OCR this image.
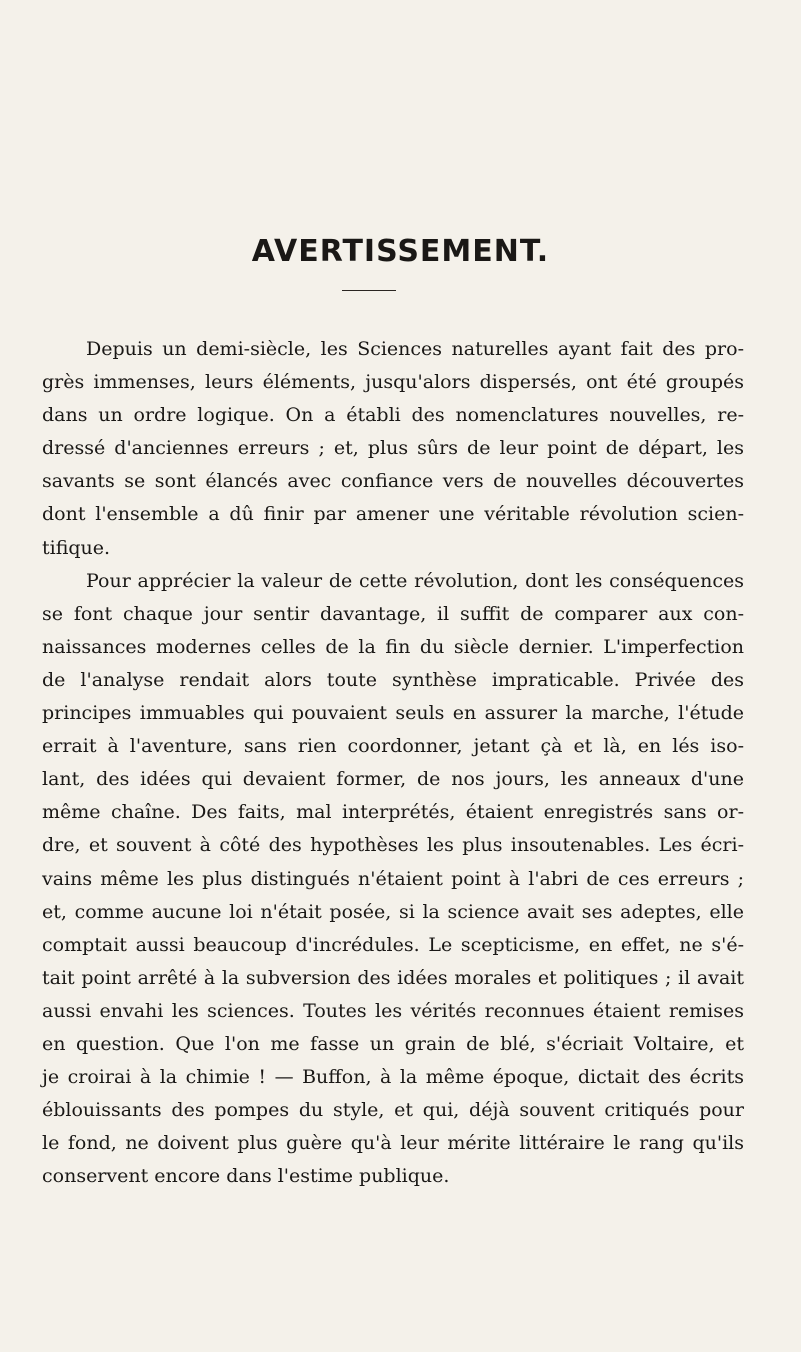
AVERTISSEMENT.
Depuis un demi-siècle, les Sciences naturelles ayant fait des pro-
grès immenses, leurs éléments, jusqu'alors dispersés, ont été groupés
dans un ordre logique. On a établi des nomenclatures nouvelles, re-
dressé d'anciennes erreurs ; et, plus sûrs de leur point de départ, les
savants se sont élancés avec confiance vers de nouvelles découvertes
dont l'ensemble a dû finir par amener une véritable révolution scien-
tifique.
Pour apprécier la valeur de cette révolution, dont les conséquences
se font chaque jour sentir davantage, il suffit de comparer aux con-
naissances modernes celles de la fin du siècle dernier. L'imperfection
de l'analyse rendait alors toute synthèse impraticable. Privée des
principes immuables qui pouvaient seuls en assurer la marche, l'étude
errait à l'aventure, sans rien coordonner, jetant çà et là, en lés iso-
lant, des idées qui devaient former, de nos jours, les anneaux d'une
même chaîne. Des faits, mal interprétés, étaient enregistrés sans or-
dre, et souvent à côté des hypothèses les plus insoutenables. Les écri-
vains même les plus distingués n'étaient point à l'abri de ces erreurs ;
et, comme aucune loi n'était posée, si la science avait ses adeptes, elle
comptait aussi beaucoup d'incrédules. Le scepticisme, en effet, ne s'é-
tait point arrêté à la subversion des idées morales et politiques ; il avait
aussi envahi les sciences. Toutes les vérités reconnues étaient remises
en question. Que l'on me fasse un grain de blé, s'écriait Voltaire, et
je croirai à la chimie ! — Buffon, à la même époque, dictait des écrits
éblouissants des pompes du style, et qui, déjà souvent critiqués pour
le fond, ne doivent plus guère qu'à leur mérite littéraire le rang qu'ils
conservent encore dans l'estime publique.
